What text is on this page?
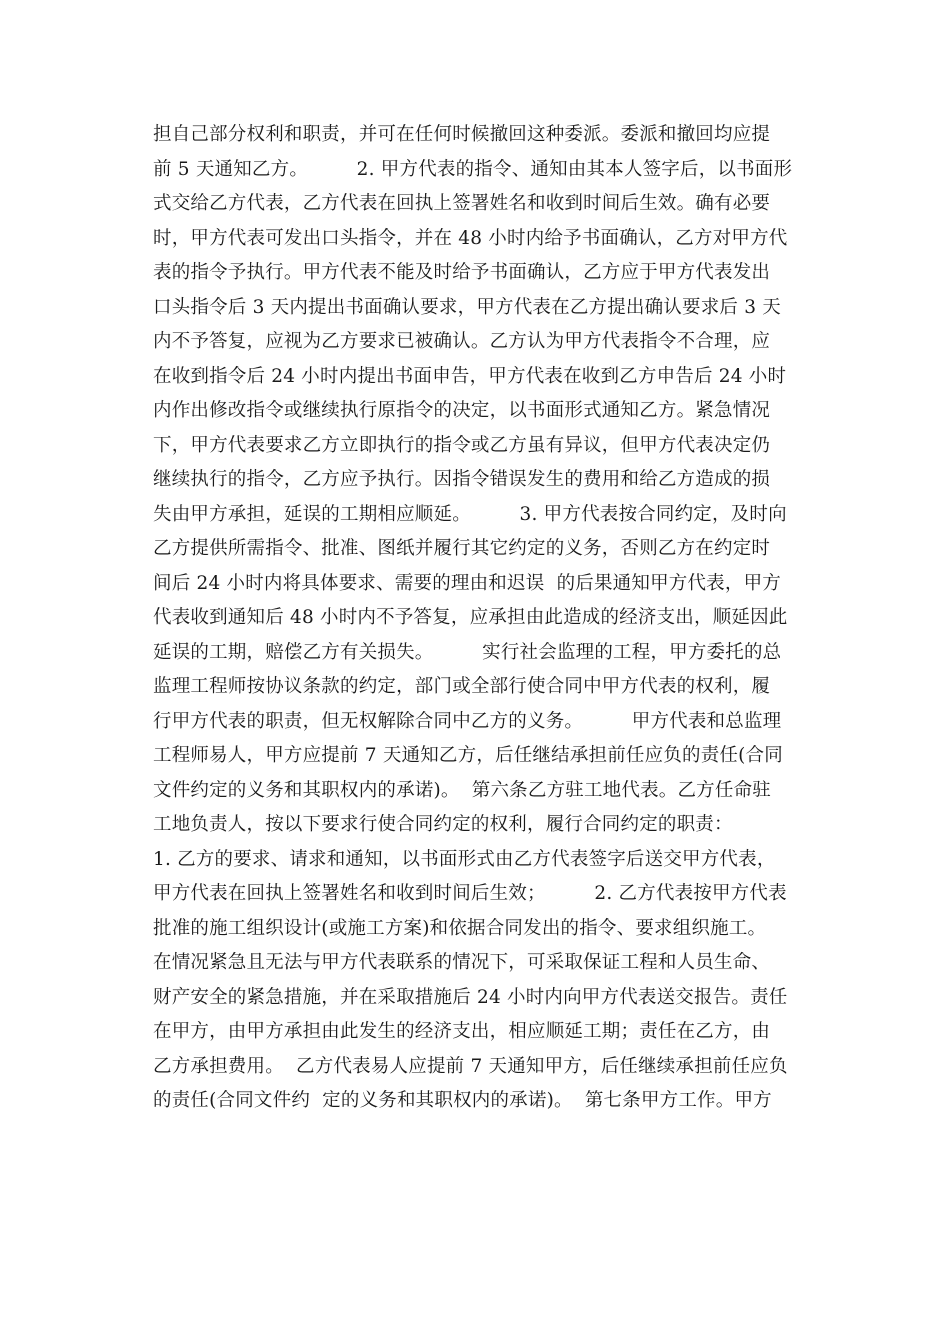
担自己部分权利和职责，并可在任何时候撤回这种委派。委派和撤回均应提
前 5 天通知乙方。        2. 甲方代表的指令、通知由其本人签字后，以书面形
式交给乙方代表，乙方代表在回执上签署姓名和收到时间后生效。确有必要
时，甲方代表可发出口头指令，并在 48 小时内给予书面确认，乙方对甲方代
表的指令予执行。甲方代表不能及时给予书面确认，乙方应于甲方代表发出
口头指令后 3 天内提出书面确认要求，甲方代表在乙方提出确认要求后 3 天
内不予答复，应视为乙方要求已被确认。乙方认为甲方代表指令不合理，应
在收到指令后 24 小时内提出书面申告，甲方代表在收到乙方申告后 24 小时
内作出修改指令或继续执行原指令的决定，以书面形式通知乙方。紧急情况
下，甲方代表要求乙方立即执行的指令或乙方虽有异议，但甲方代表决定仍
继续执行的指令，乙方应予执行。因指令错误发生的费用和给乙方造成的损
失由甲方承担，延误的工期相应顺延。        3. 甲方代表按合同约定，及时向
乙方提供所需指令、批准、图纸并履行其它约定的义务，否则乙方在约定时
间后 24 小时内将具体要求、需要的理由和迟误  的后果通知甲方代表，甲方
代表收到通知后 48 小时内不予答复，应承担由此造成的经济支出，顺延因此
延误的工期，赔偿乙方有关损失。        实行社会监理的工程，甲方委托的总
监理工程师按协议条款的约定，部门或全部行使合同中甲方代表的权利，履
行甲方代表的职责，但无权解除合同中乙方的义务。        甲方代表和总监理
工程师易人，甲方应提前 7 天通知乙方，后任继结承担前任应负的责任(合同
文件约定的义务和其职权内的承诺)。  第六条乙方驻工地代表。乙方任命驻
工地负责人，按以下要求行使合同约定的权利，履行合同约定的职责：
1. 乙方的要求、请求和通知，以书面形式由乙方代表签字后送交甲方代表，
甲方代表在回执上签署姓名和收到时间后生效；        2. 乙方代表按甲方代表
批准的施工组织设计(或施工方案)和依据合同发出的指令、要求组织施工。
在情况紧急且无法与甲方代表联系的情况下，可采取保证工程和人员生命、
财产安全的紧急措施，并在采取措施后 24 小时内向甲方代表送交报告。责任
在甲方，由甲方承担由此发生的经济支出，相应顺延工期；责任在乙方，由
乙方承担费用。  乙方代表易人应提前 7 天通知甲方，后任继续承担前任应负
的责任(合同文件约  定的义务和其职权内的承诺)。  第七条甲方工作。甲方
